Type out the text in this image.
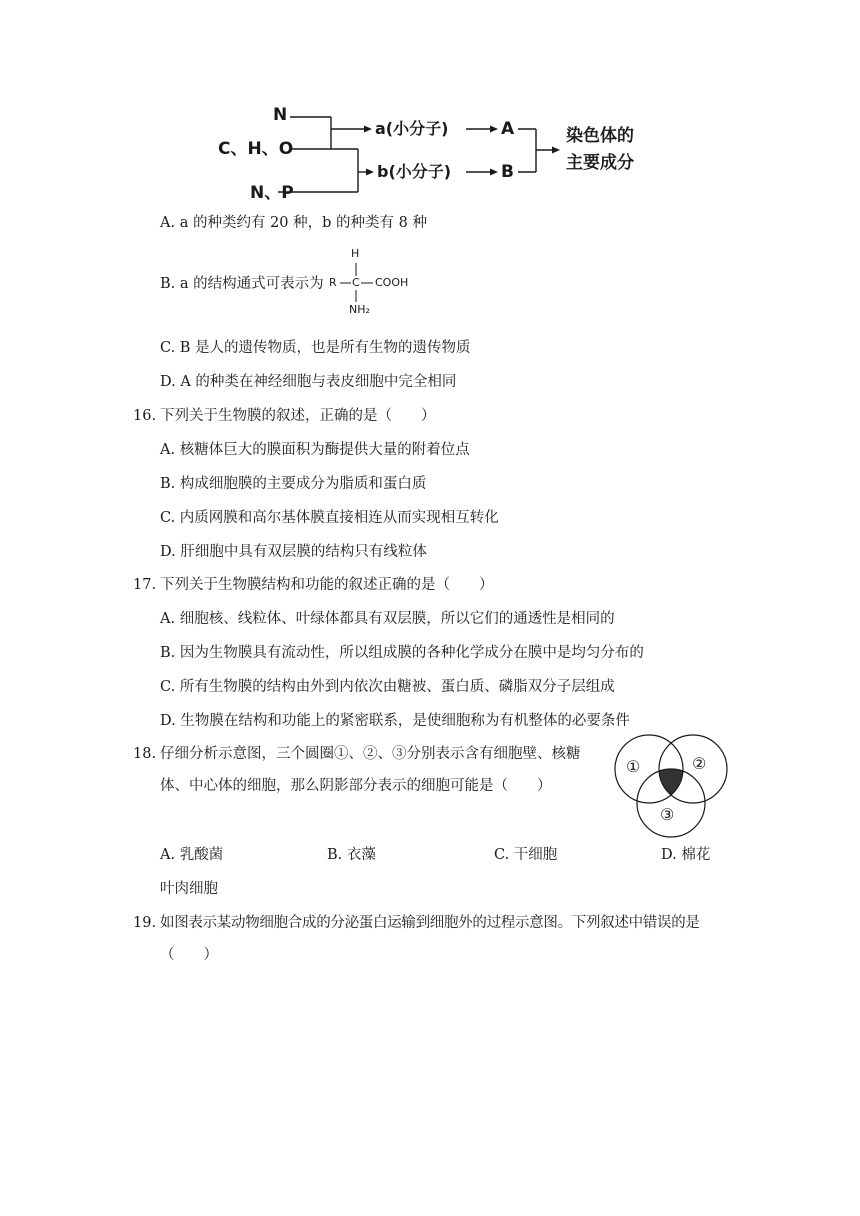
N
C、H、O
N、P
a(小分子)
b(小分子)
A
B
染色体的
主要成分
A. a 的种类约有 20 种，b 的种类有 8 种
B. a 的结构通式可表示为
H
R C COOH
NH₂
C. B 是人的遗传物质，也是所有生物的遗传物质
D. A 的种类在神经细胞与表皮细胞中完全相同
16. 下列关于生物膜的叙述，正确的是（　　）
A. 核糖体巨大的膜面积为酶提供大量的附着位点
B. 构成细胞膜的主要成分为脂质和蛋白质
C. 内质网膜和高尔基体膜直接相连从而实现相互转化
D. 肝细胞中具有双层膜的结构只有线粒体
17. 下列关于生物膜结构和功能的叙述正确的是（　　）
A. 细胞核、线粒体、叶绿体都具有双层膜，所以它们的通透性是相同的
B. 因为生物膜具有流动性，所以组成膜的各种化学成分在膜中是均匀分布的
C. 所有生物膜的结构由外到内依次由糖被、蛋白质、磷脂双分子层组成
D. 生物膜在结构和功能上的紧密联系，是使细胞称为有机整体的必要条件
18. 仔细分析示意图，三个圆圈①、②、③分别表示含有细胞壁、核糖
体、中心体的细胞，那么阴影部分表示的细胞可能是（　　）
①	②
③
A. 乳酸菌	B. 衣藻	C. 干细胞	D. 棉花
叶肉细胞
19. 如图表示某动物细胞合成的分泌蛋白运输到细胞外的过程示意图。下列叙述中错误的是
（　　）
